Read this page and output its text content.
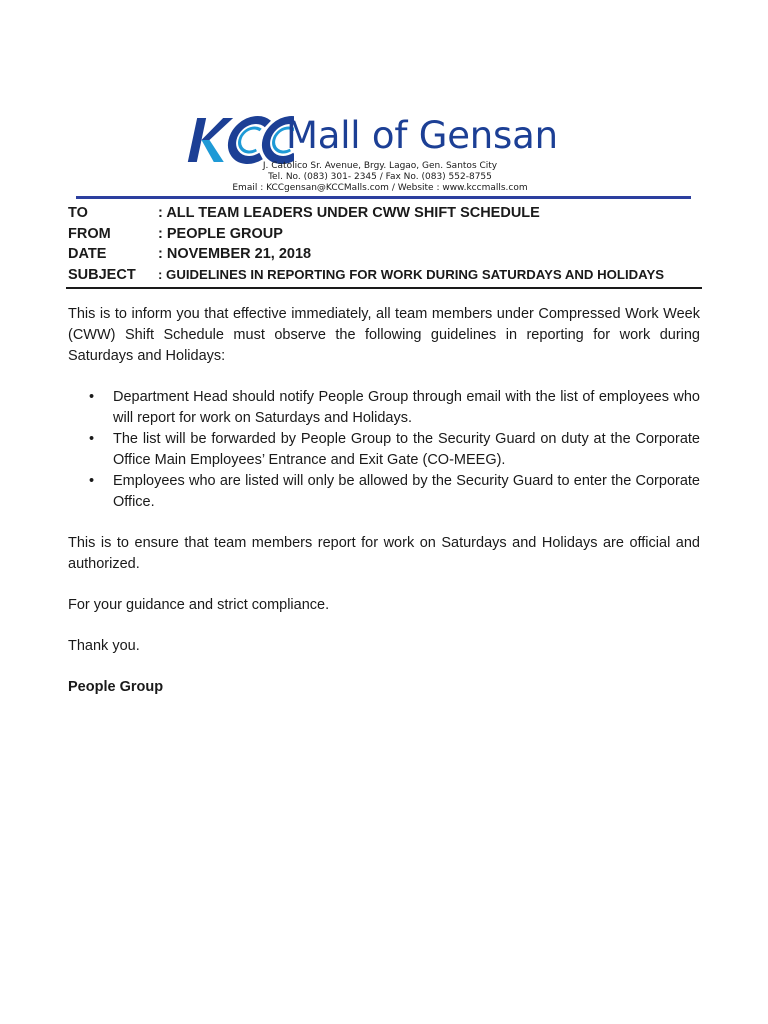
Mall of Gensan
J. Catolico Sr. Avenue, Brgy. Lagao, Gen. Santos City
Tel. No. (083) 301- 2345 / Fax No. (083) 552-8755
Email : KCCgensan@KCCMalls.com / Website : www.kccmalls.com
TO	: ALL TEAM LEADERS UNDER CWW SHIFT SCHEDULE
FROM	: PEOPLE GROUP
DATE	: NOVEMBER 21, 2018
SUBJECT	: GUIDELINES IN REPORTING FOR WORK DURING SATURDAYS AND HOLIDAYS

This is to inform you that effective immediately, all team members under Compressed Work Week (CWW) Shift Schedule must observe the following guidelines in reporting for work during Saturdays and Holidays:

• Department Head should notify People Group through email with the list of employees who will report for work on Saturdays and Holidays.
• The list will be forwarded by People Group to the Security Guard on duty at the Corporate Office Main Employees’ Entrance and Exit Gate (CO-MEEG).
• Employees who are listed will only be allowed by the Security Guard to enter the Corporate Office.

This is to ensure that team members report for work on Saturdays and Holidays are official and authorized.

For your guidance and strict compliance.

Thank you.

People Group
